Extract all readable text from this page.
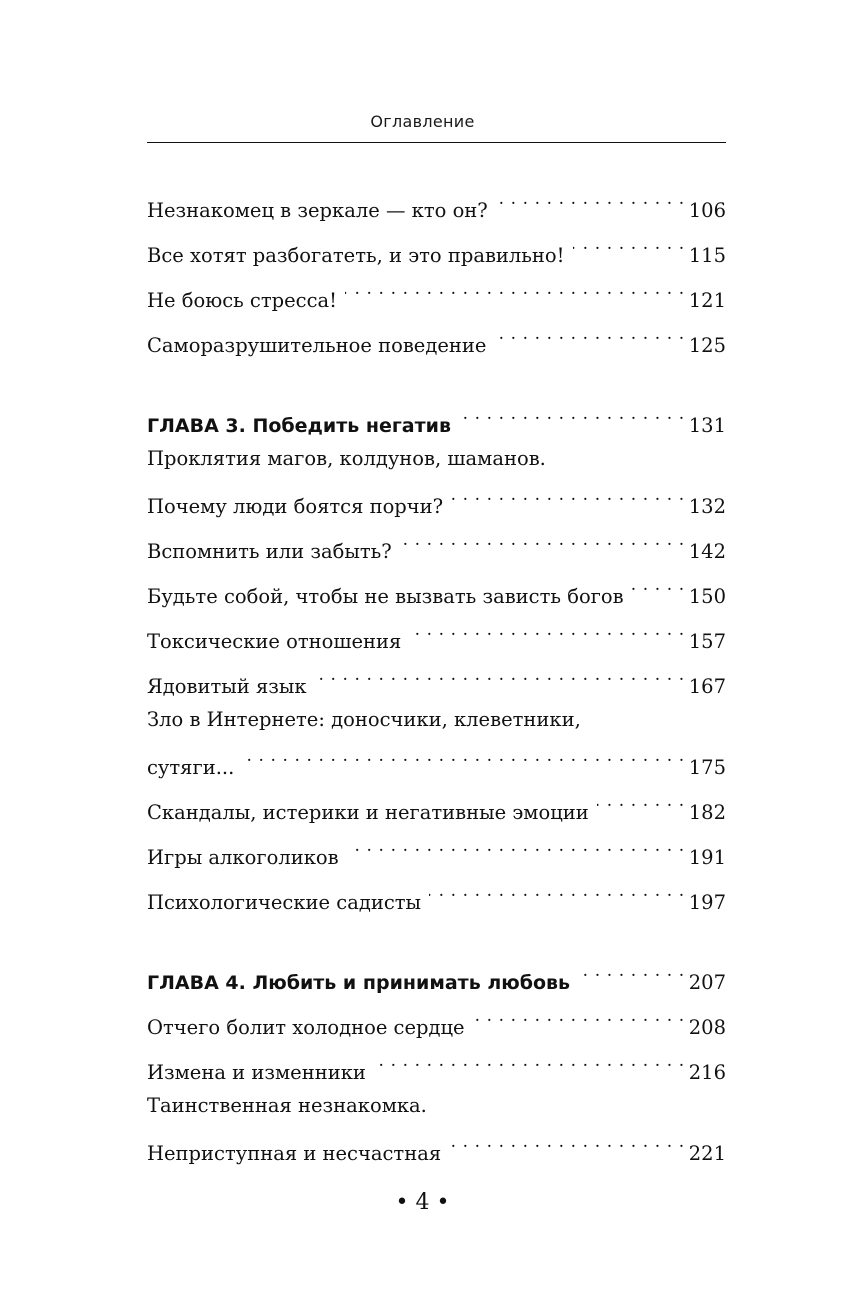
Оглавление
Незнакомец в зеркале — кто он? . . .	106
Все хотят разбогатеть, и это правильно! . . .	115
Не боюсь стресса! . . .	121
Саморазрушительное поведение . . .	125
ГЛАВА 3. Победить негатив . . .	131
Проклятия магов, колдунов, шаманов.
Почему люди боятся порчи? . . .	132
Вспомнить или забыть? . . .	142
Будьте собой, чтобы не вызвать зависть богов . . .	150
Токсические отношения . . .	157
Ядовитый язык . . .	167
Зло в Интернете: доносчики, клеветники,
сутяги... . . .	175
Скандалы, истерики и негативные эмоции . . .	182
Игры алкоголиков . . .	191
Психологические садисты . . .	197
ГЛАВА 4. Любить и принимать любовь . . .	207
Отчего болит холодное сердце . . .	208
Измена и изменники . . .	216
Таинственная незнакомка.
Неприступная и несчастная . . .	221
• 4 •
